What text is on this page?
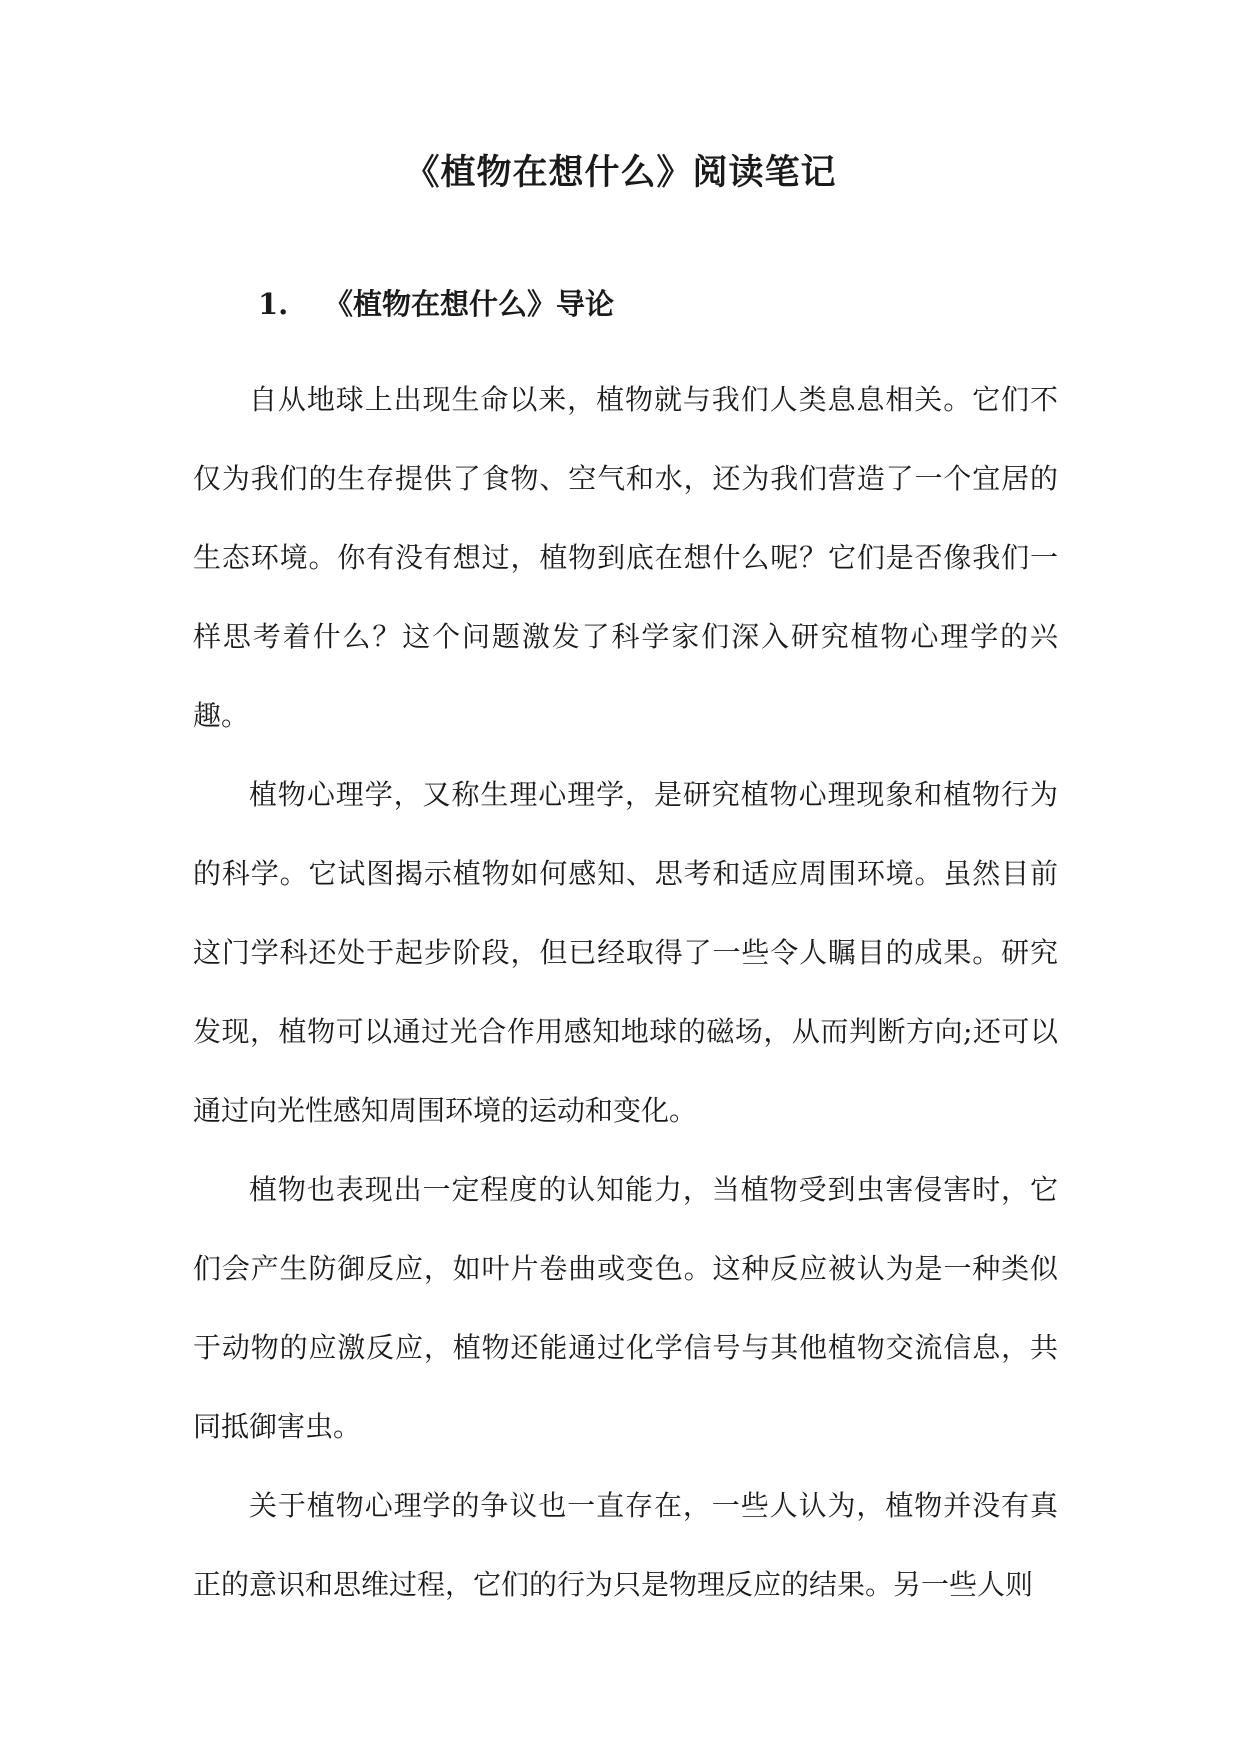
《植物在想什么》阅读笔记
1. 《植物在想什么》导论

自从地球上出现生命以来，植物就与我们人类息息相关。它们不仅为我们的生存提供了食物、空气和水，还为我们营造了一个宜居的生态环境。你有没有想过，植物到底在想什么呢？它们是否像我们一样思考着什么？这个问题激发了科学家们深入研究植物心理学的兴趣。

植物心理学，又称生理心理学，是研究植物心理现象和植物行为的科学。它试图揭示植物如何感知、思考和适应周围环境。虽然目前这门学科还处于起步阶段，但已经取得了一些令人瞩目的成果。研究发现，植物可以通过光合作用感知地球的磁场，从而判断方向;还可以通过向光性感知周围环境的运动和变化。

植物也表现出一定程度的认知能力，当植物受到虫害侵害时，它们会产生防御反应，如叶片卷曲或变色。这种反应被认为是一种类似于动物的应激反应，植物还能通过化学信号与其他植物交流信息，共同抵御害虫。

关于植物心理学的争议也一直存在，一些人认为，植物并没有真正的意识和思维过程，它们的行为只是物理反应的结果。另一些人则
